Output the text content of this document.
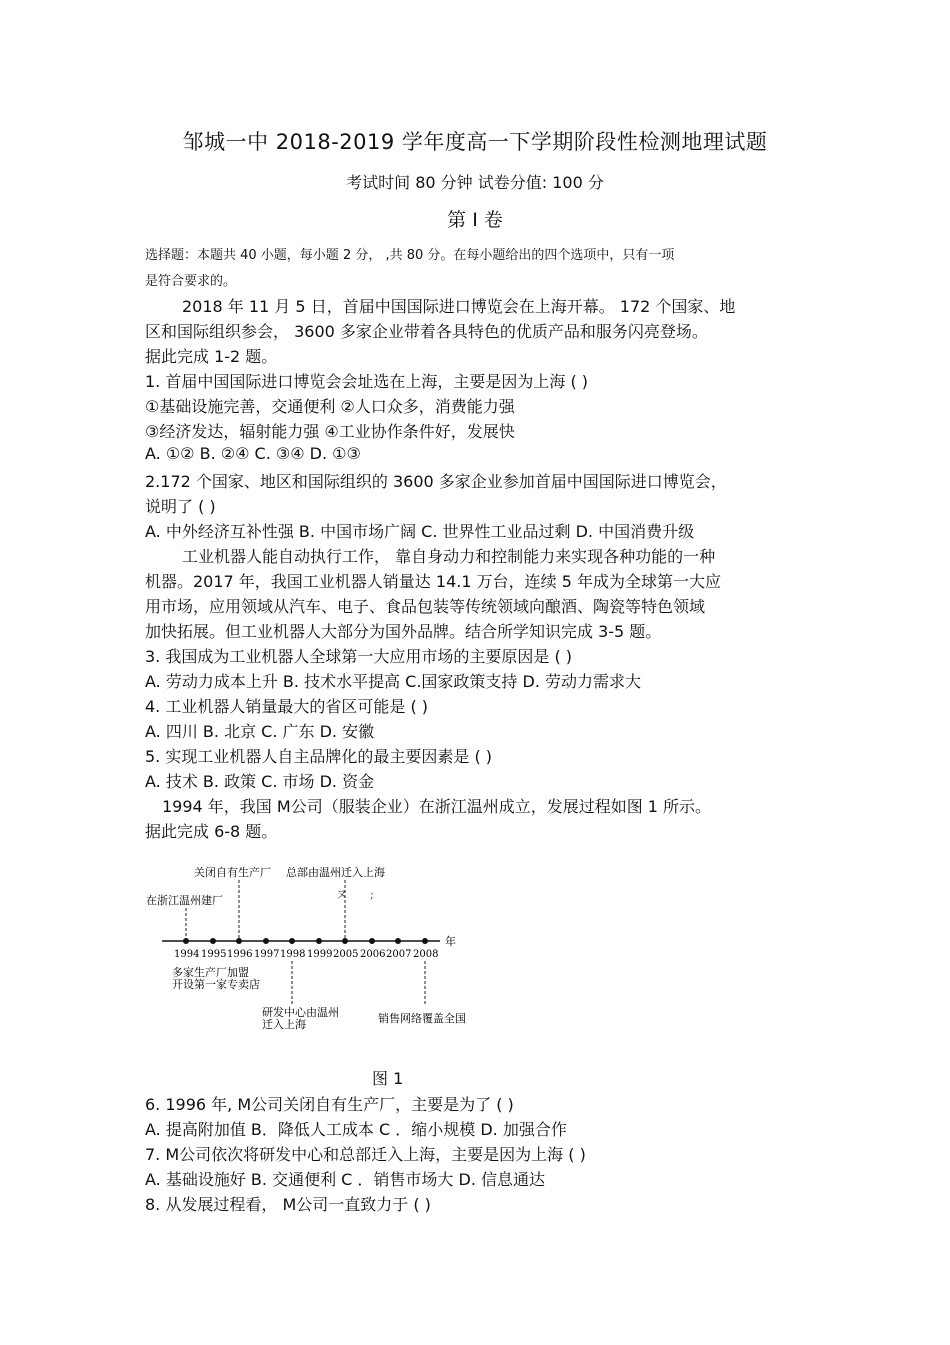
邹城一中 2018-2019 学年度高一下学期阶段性检测地理试题
考试时间 80 分钟 试卷分值: 100 分
第 I 卷
选择题：本题共 40 小题，每小题 2 分， ,共 80 分。在每小题给出的四个选项中，只有一项
是符合要求的。
2018 年 11 月 5 日，首届中国国际进口博览会在上海开幕。 172 个国家、地
区和国际组织参会， 3600 多家企业带着各具特色的优质产品和服务闪亮登场。
据此完成 1-2 题。
1. 首届中国国际进口博览会会址选在上海，主要是因为上海 ( )
①基础设施完善，交通便利 ②人口众多，消费能力强
③经济发达，辐射能力强 ④工业协作条件好，发展快
A. ①② B. ②④ C. ③④ D. ①③
2.172 个国家、地区和国际组织的 3600 多家企业参加首届中国国际进口博览会，
说明了 ( )
A. 中外经济互补性强 B. 中国市场广阔 C. 世界性工业品过剩 D. 中国消费升级
工业机器人能自动执行工作， 靠自身动力和控制能力来实现各种功能的一种
机器。2017 年，我国工业机器人销量达 14.1 万台，连续 5 年成为全球第一大应
用市场，应用领域从汽车、电子、食品包装等传统领域向酿酒、陶瓷等特色领域
加快拓展。但工业机器人大部分为国外品牌。结合所学知识完成 3-5 题。
3. 我国成为工业机器人全球第一大应用市场的主要原因是 ( )
A. 劳动力成本上升 B. 技术水平提高 C.国家政策支持 D. 劳动力需求大
4. 工业机器人销量最大的省区可能是 ( )
A. 四川 B. 北京 C. 广东 D. 安徽
5. 实现工业机器人自主品牌化的最主要因素是 ( )
A. 技术 B. 政策 C. 市场 D. 资金
1994 年，我国 M公司（服装企业）在浙江温州成立，发展过程如图 1 所示。
据此完成 6-8 题。
关闭自有生产厂 总部由温州迁入上海
在浙江温州建厂	ヌ ;
年
1994 1995 1996 1997 1998 1999 2005 2006 2007 2008
多家生产厂加盟
开设第一家专卖店
研发中心由温州
迁入上海	销售网络覆盖全国
图 1
6. 1996 年, M公司关闭自有生产厂，主要是为了 ( )
A. 提高附加值 B．降低人工成本 C ．缩小规模 D. 加强合作
7. M公司依次将研发中心和总部迁入上海，主要是因为上海 ( )
A. 基础设施好 B. 交通便利 C ．销售市场大 D. 信息通达
8. 从发展过程看， M公司一直致力于 ( )
